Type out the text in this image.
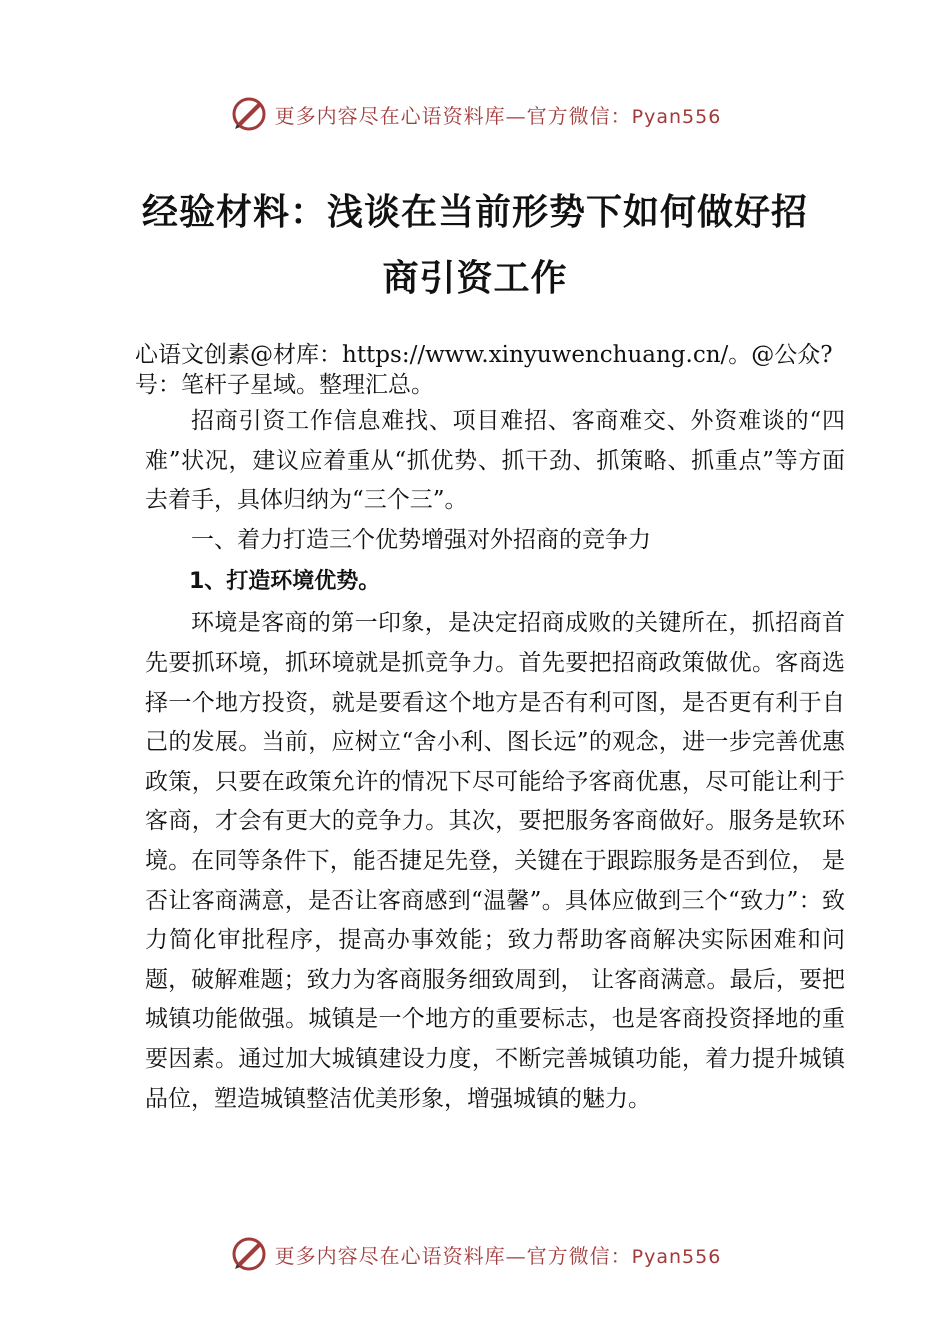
更多内容尽在心语资料库—官方微信：Pyan556
经验材料：浅谈在当前形势下如何做好招
商引资工作

心语文创素@材库：https://www.xinyuwenchuang.cn/。@公众?号：笔杆子星域。整理汇总。

招商引资工作信息难找、项目难招、客商难交、外资难谈的“四难”状况，建议应着重从“抓优势、抓干劲、抓策略、抓重点”等方面去着手，具体归纳为“三个三”。

一、着力打造三个优势增强对外招商的竞争力

1、打造环境优势。

环境是客商的第一印象，是决定招商成败的关键所在，抓招商首先要抓环境，抓环境就是抓竞争力。首先要把招商政策做优。客商选择一个地方投资，就是要看这个地方是否有利可图，是否更有利于自己的发展。当前，应树立“舍小利、图长远”的观念，进一步完善优惠政策，只要在政策允许的情况下尽可能给予客商优惠，尽可能让利于客商，才会有更大的竞争力。其次，要把服务客商做好。服务是软环境。在同等条件下，能否捷足先登，关键在于跟踪服务是否到位， 是否让客商满意，是否让客商感到“温馨”。具体应做到三个“致力”：致力简化审批程序，提高办事效能；致力帮助客商解决实际困难和问题，破解难题；致力为客商服务细致周到， 让客商满意。最后，要把城镇功能做强。城镇是一个地方的重要标志，也是客商投资择地的重要因素。通过加大城镇建设力度，不断完善城镇功能，着力提升城镇品位，塑造城镇整洁优美形象，增强城镇的魅力。

更多内容尽在心语资料库—官方微信：Pyan556
